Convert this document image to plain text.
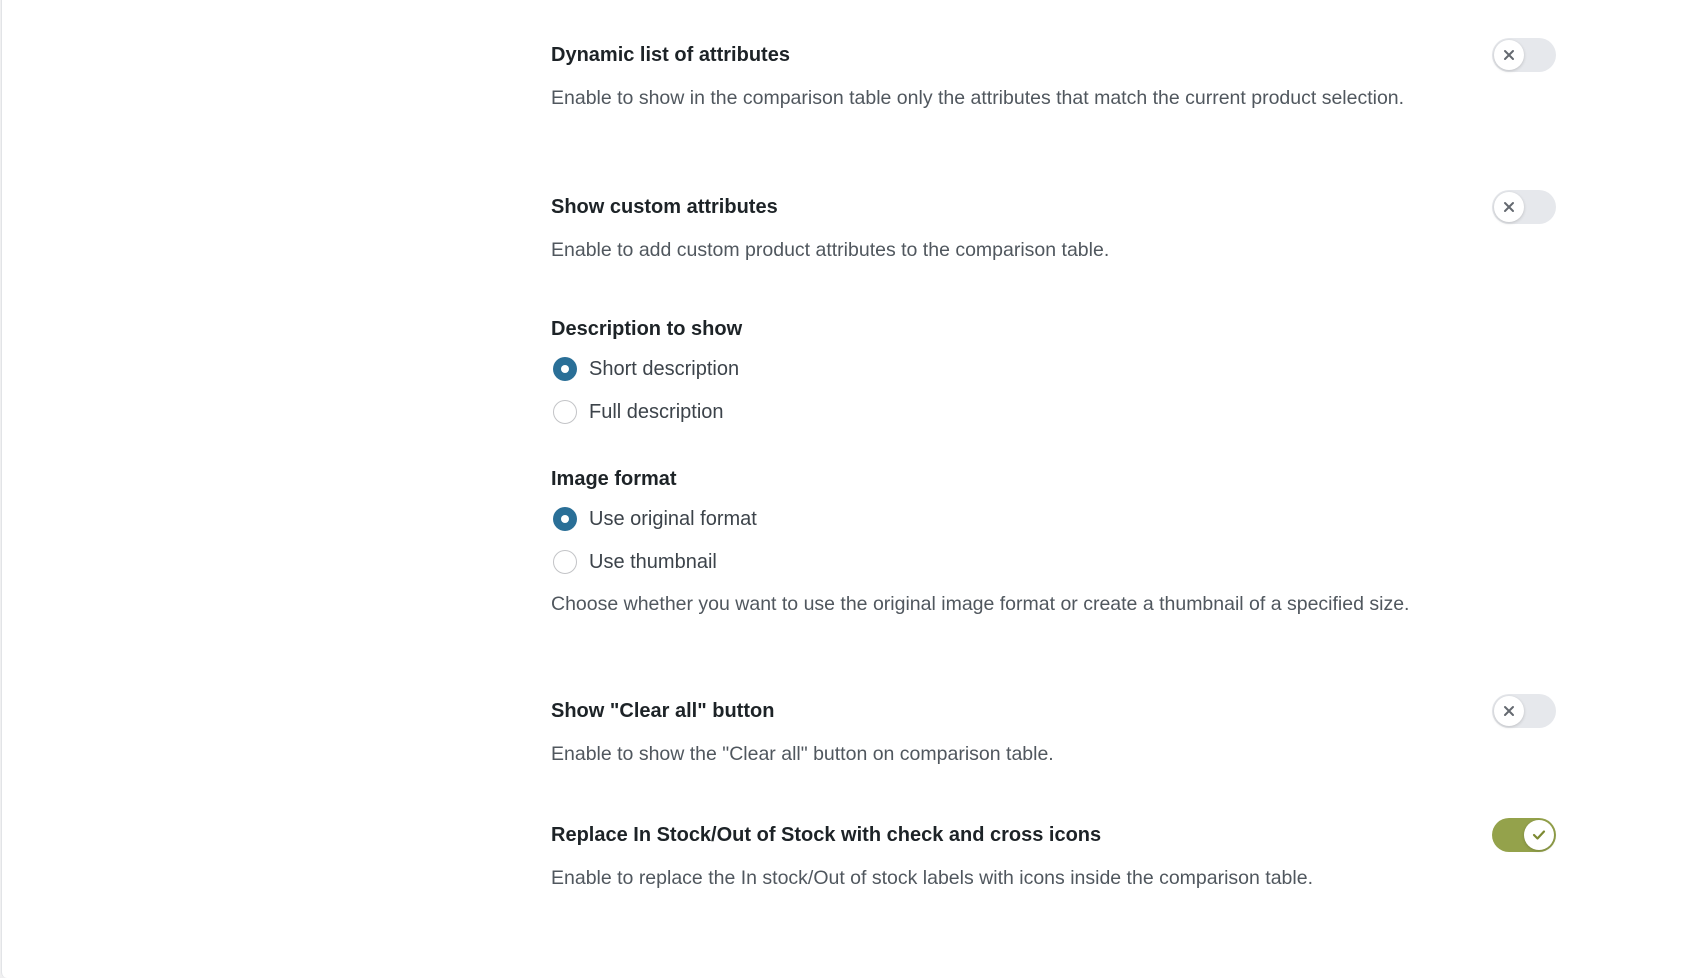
Dynamic list of attributes

Enable to show in the comparison table only the attributes that match the current product selection.

Show custom attributes

Enable to add custom product attributes to the comparison table.

Description to show

Short description
Full description

Image format

Use original format
Use thumbnail

Choose whether you want to use the original image format or create a thumbnail of a specified size.

Show "Clear all" button

Enable to show the "Clear all" button on comparison table.

Replace In Stock/Out of Stock with check and cross icons

Enable to replace the In stock/Out of stock labels with icons inside the comparison table.
